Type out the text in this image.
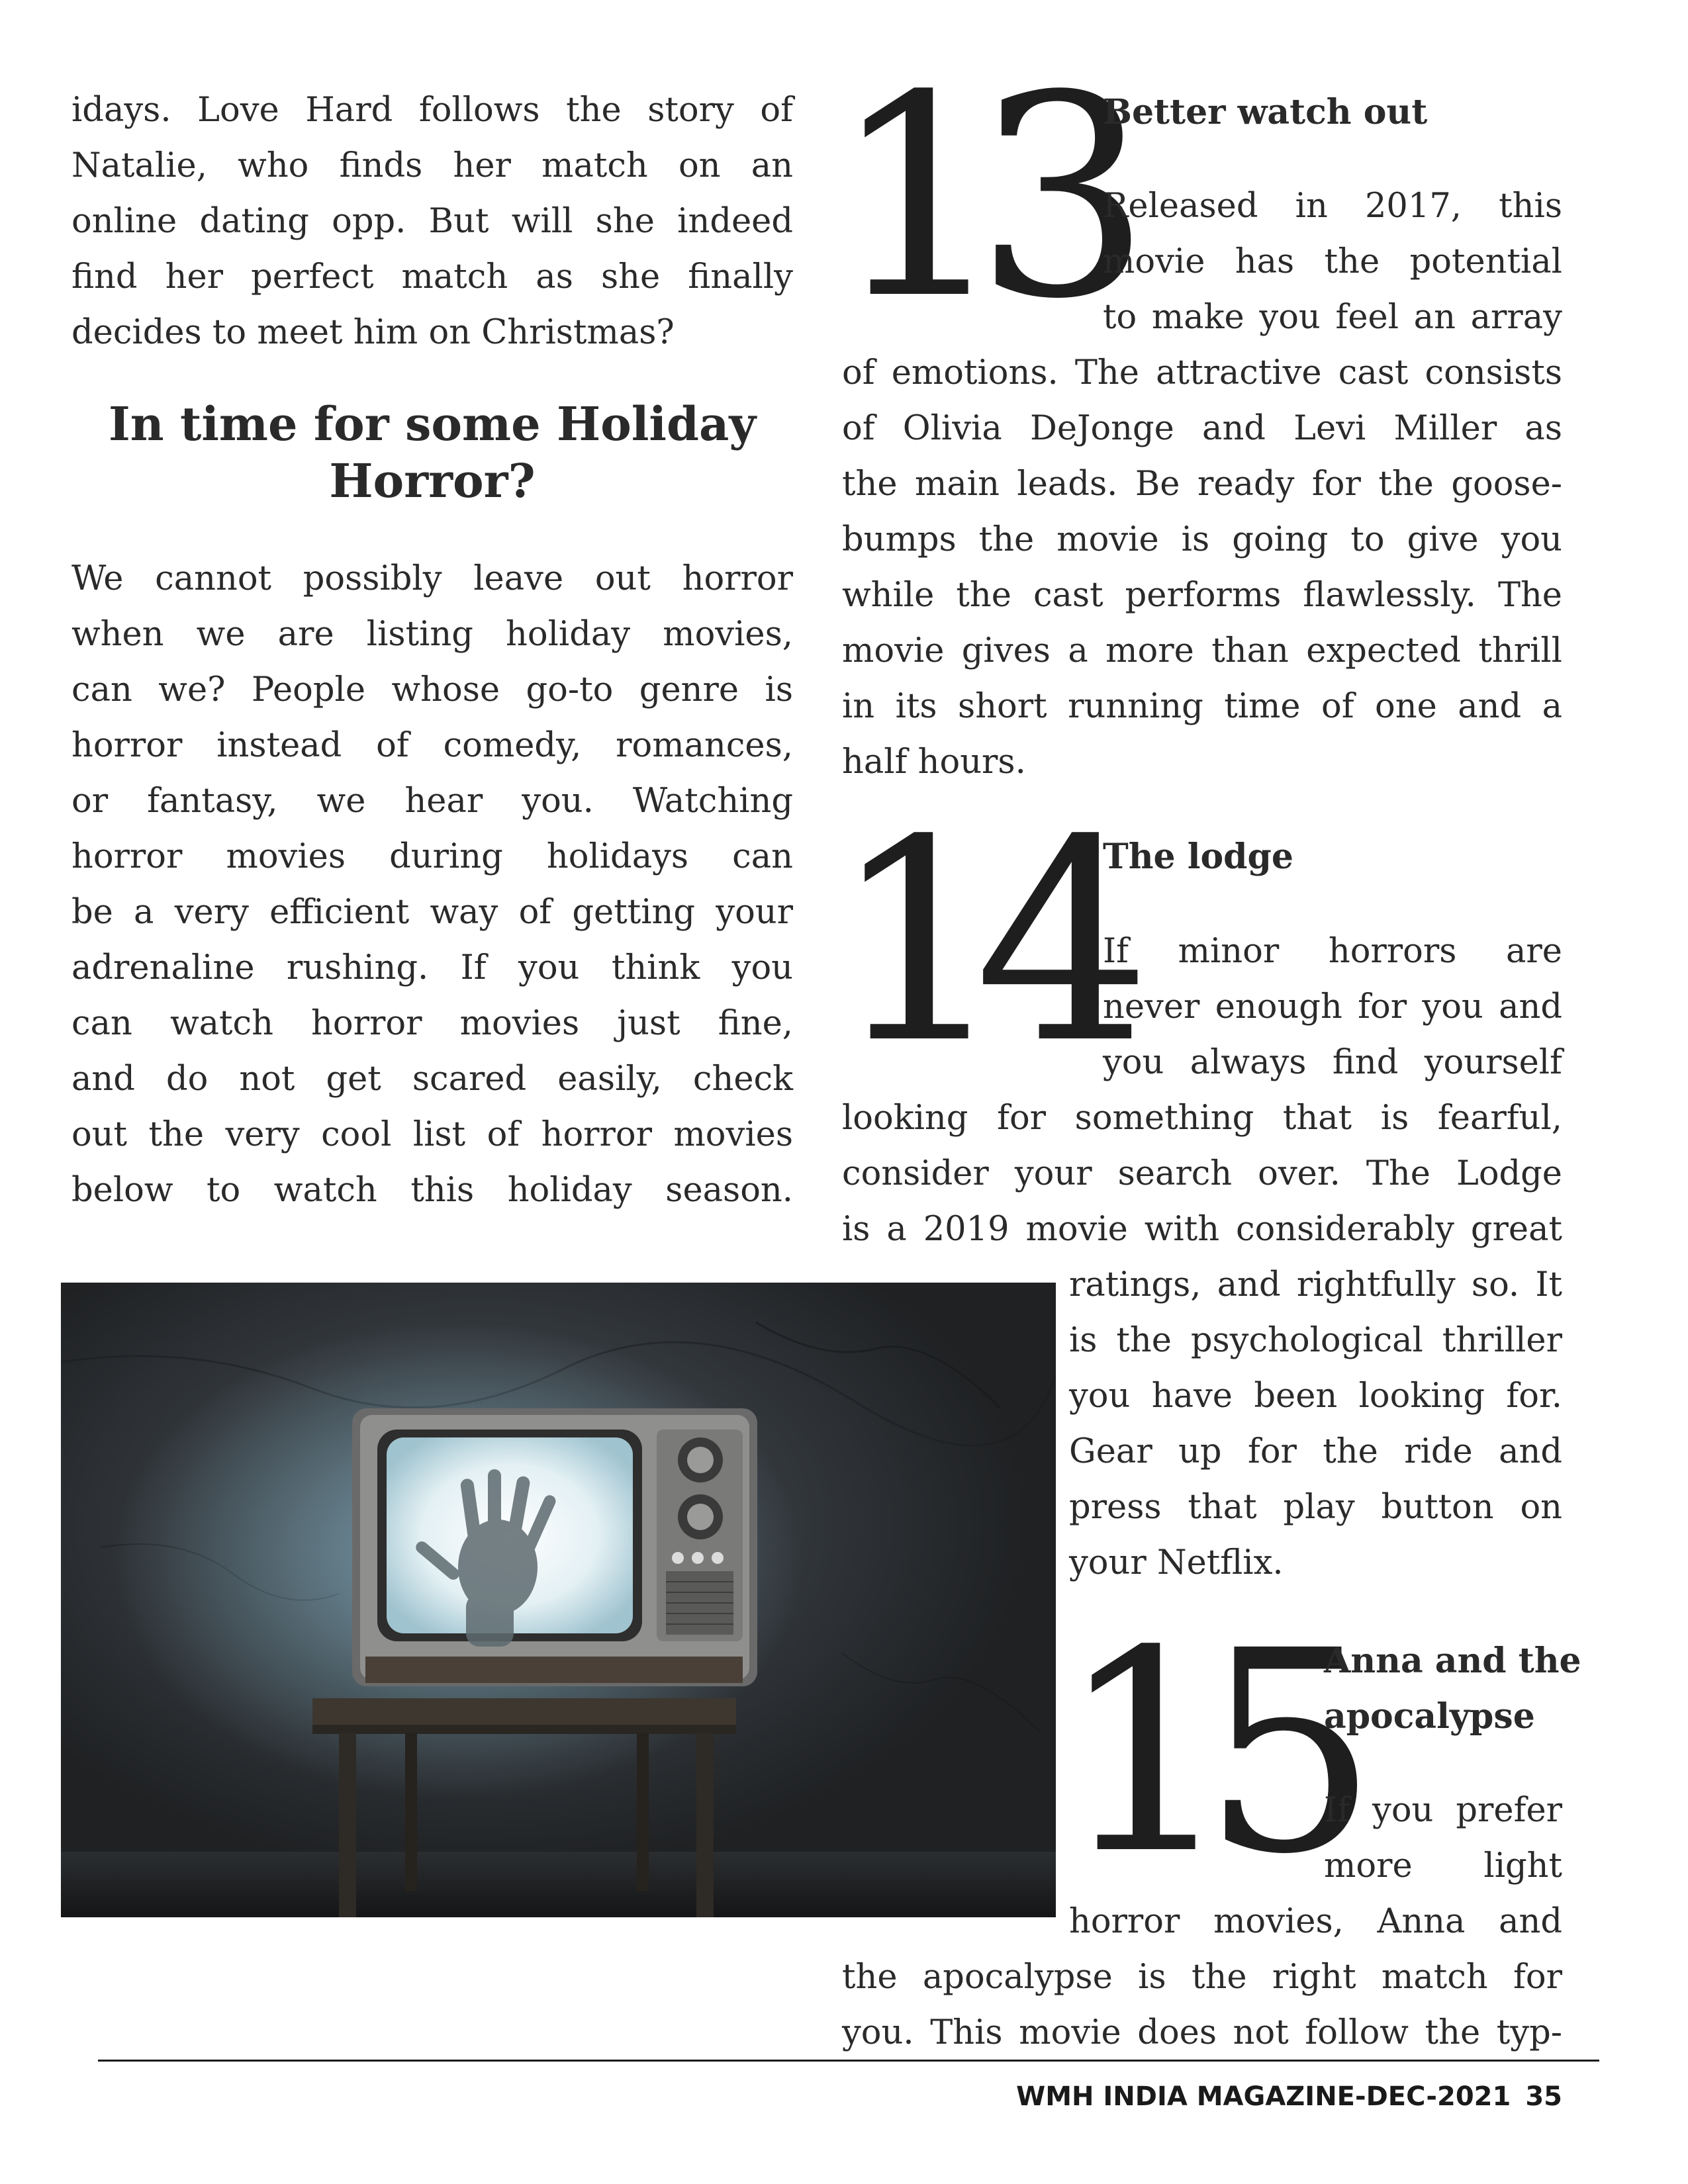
idays. Love Hard follows the story of

Natalie, who finds her match on an

online dating opp. But will she indeed

find her perfect match as she finally

decides to meet him on Christmas?

In time for some Holiday

Horror?

We cannot possibly leave out horror

when we are listing holiday movies,

can we? People whose go-to genre is

horror instead of comedy, romances,

or fantasy, we hear you. Watching

horror movies during holidays can

be a very efficient way of getting your

adrenaline rushing. If you think you

can watch horror movies just fine,

and do not get scared easily, check

out the very cool list of horror movies

below to watch this holiday season.

13

Better watch out

Released in 2017, this

movie has the potential

to make you feel an array

of emotions. The attractive cast consists

of Olivia DeJonge and Levi Miller as

the main leads. Be ready for the goose-

bumps the movie is going to give you

while the cast performs flawlessly. The

movie gives a more than expected thrill

in its short running time of one and a

half hours.

14

The lodge

If minor horrors are

never enough for you and

you always find yourself

looking for something that is fearful,

consider your search over. The Lodge

is a 2019 movie with considerably great

ratings, and rightfully so. It

is the psychological thriller

you have been looking for.

Gear up for the ride and

press that play button on

your Netflix.

15

Anna and the

apocalypse

If you prefer

more light

horror movies, Anna and

the apocalypse is the right match for

you. This movie does not follow the typ-

WMH INDIA MAGAZINE-DEC-2021 35
